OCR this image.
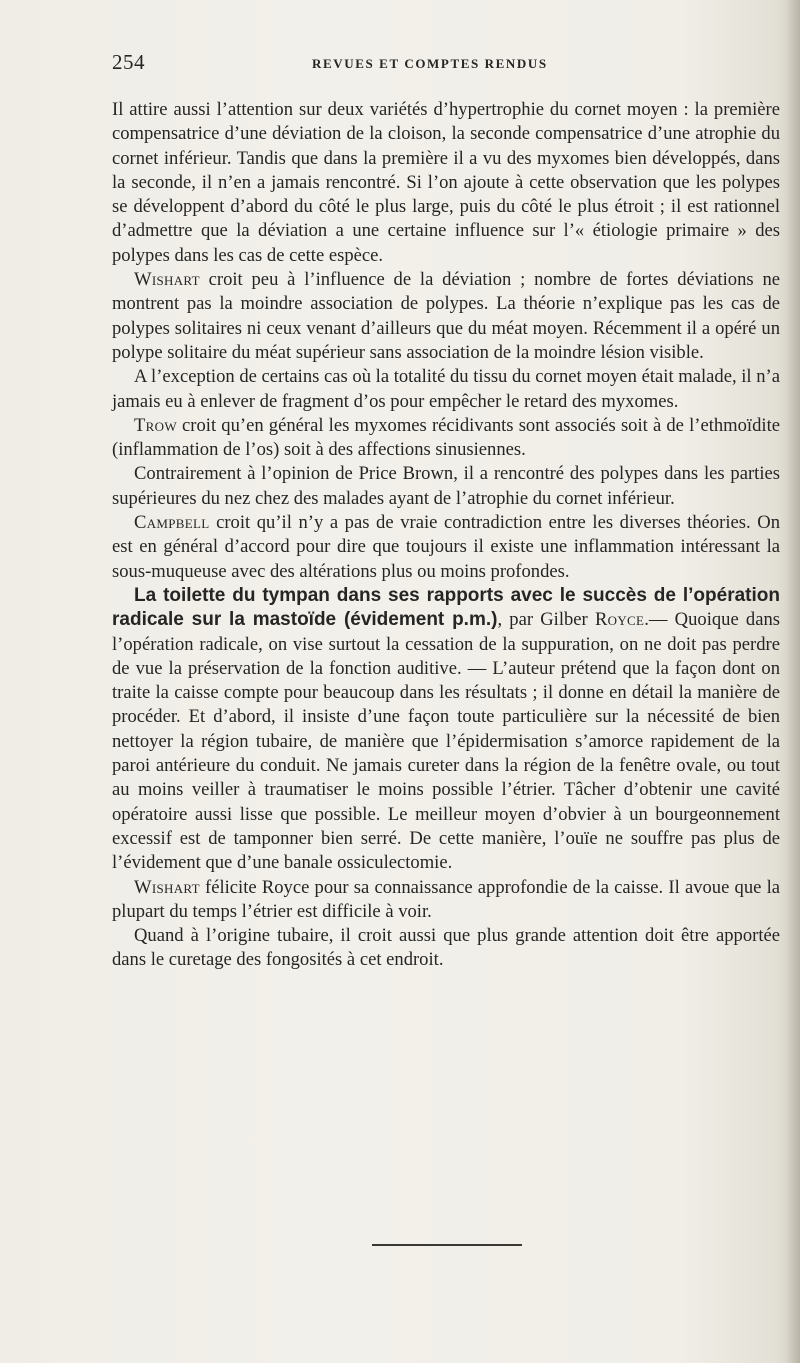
254	REVUES ET COMPTES RENDUS

Il attire aussi l’attention sur deux variétés d’hypertrophie du cornet moyen : la première compensatrice d’une déviation de la cloison, la seconde compensatrice d’une atrophie du cornet inférieur. Tandis que dans la première il a vu des myxomes bien développés, dans la seconde, il n’en a jamais rencontré. Si l’on ajoute à cette observation que les polypes se développent d’abord du côté le plus large, puis du côté le plus étroit ; il est rationnel d’admettre que la déviation a une certaine influence sur l’« étiologie primaire » des polypes dans les cas de cette espèce.

Wishart croit peu à l’influence de la déviation ; nombre de fortes déviations ne montrent pas la moindre association de polypes. La théorie n’explique pas les cas de polypes solitaires ni ceux venant d’ailleurs que du méat moyen. Récemment il a opéré un polype solitaire du méat supérieur sans association de la moindre lésion visible.

A l’exception de certains cas où la totalité du tissu du cornet moyen était malade, il n’a jamais eu à enlever de fragment d’os pour empêcher le retard des myxomes.

Trow croit qu’en général les myxomes récidivants sont associés soit à de l’ethmoïdite (inflammation de l’os) soit à des affections sinusiennes.

Contrairement à l’opinion de Price Brown, il a rencontré des polypes dans les parties supérieures du nez chez des malades ayant de l’atrophie du cornet inférieur.

Campbell croit qu’il n’y a pas de vraie contradiction entre les diverses théories. On est en général d’accord pour dire que toujours il existe une inflammation intéressant la sous-muqueuse avec des altérations plus ou moins profondes.

La toilette du tympan dans ses rapports avec le succès de l’opération radicale sur la mastoïde (évidement p.m.), par Gilber Royce.— Quoique dans l’opération radicale, on vise surtout la cessation de la suppuration, on ne doit pas perdre de vue la préservation de la fonction auditive. — L’auteur prétend que la façon dont on traite la caisse compte pour beaucoup dans les résultats ; il donne en détail la manière de procéder. Et d’abord, il insiste d’une façon toute particulière sur la nécessité de bien nettoyer la région tubaire, de manière que l’épidermisation s’amorce rapidement de la paroi antérieure du conduit. Ne jamais cureter dans la région de la fenêtre ovale, ou tout au moins veiller à traumatiser le moins possible l’étrier. Tâcher d’obtenir une cavité opératoire aussi lisse que possible. Le meilleur moyen d’obvier à un bourgeonnement excessif est de tamponner bien serré. De cette manière, l’ouïe ne souffre pas plus de l’évidement que d’une banale ossiculectomie.

Wishart félicite Royce pour sa connaissance approfondie de la caisse. Il avoue que la plupart du temps l’étrier est difficile à voir.

Quand à l’origine tubaire, il croit aussi que plus grande attention doit être apportée dans le curetage des fongosités à cet endroit.
